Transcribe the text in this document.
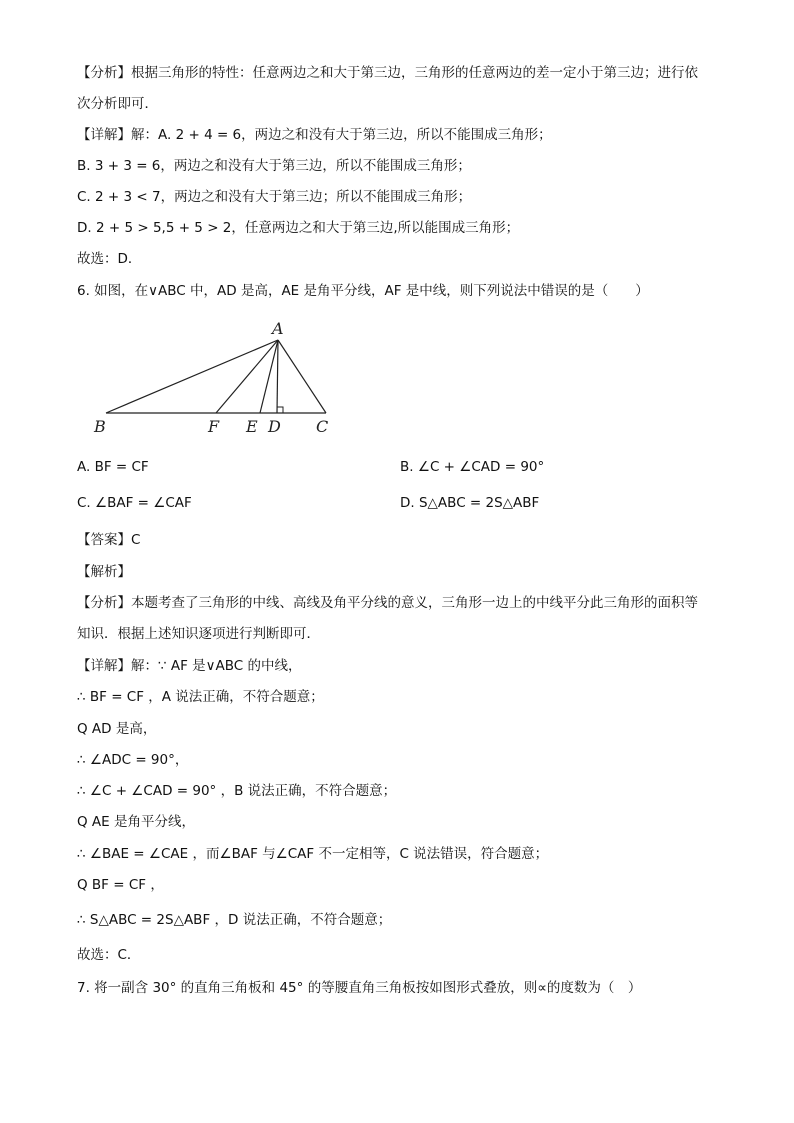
【分析】根据三角形的特性：任意两边之和大于第三边，三角形的任意两边的差一定小于第三边；进行依
次分析即可．
【详解】解：A. 2 + 4 = 6，两边之和没有大于第三边，所以不能围成三角形；
B. 3 + 3 = 6，两边之和没有大于第三边，所以不能围成三角形；
C. 2 + 3 < 7，两边之和没有大于第三边；所以不能围成三角形；
D. 2 + 5 > 5,5 + 5 > 2，任意两边之和大于第三边,所以能围成三角形；
故选：D．
6. 如图，在∨ABC 中，AD 是高，AE 是角平分线，AF 是中线，则下列说法中错误的是（　　）
A
B	F E D C
A. BF = CF	B. ∠C + ∠CAD = 90°
C. ∠BAF = ∠CAF	D. S△ABC = 2S△ABF
【答案】C
【解析】
【分析】本题考查了三角形的中线、高线及角平分线的意义，三角形一边上的中线平分此三角形的面积等
知识．根据上述知识逐项进行判断即可．
【详解】解：∵ AF 是∨ABC 的中线，
∴ BF = CF ，A 说法正确，不符合题意；
Q AD 是高，
∴ ∠ADC = 90°，
∴ ∠C + ∠CAD = 90° ，B 说法正确，不符合题意；
Q AE 是角平分线，
∴ ∠BAE = ∠CAE ，而∠BAF 与∠CAF 不一定相等，C 说法错误，符合题意；
Q BF = CF ，
∴ S△ABC = 2S△ABF ，D 说法正确，不符合题意；
故选：C．
7. 将一副含 30° 的直角三角板和 45° 的等腰直角三角板按如图形式叠放，则∝的度数为（　）
